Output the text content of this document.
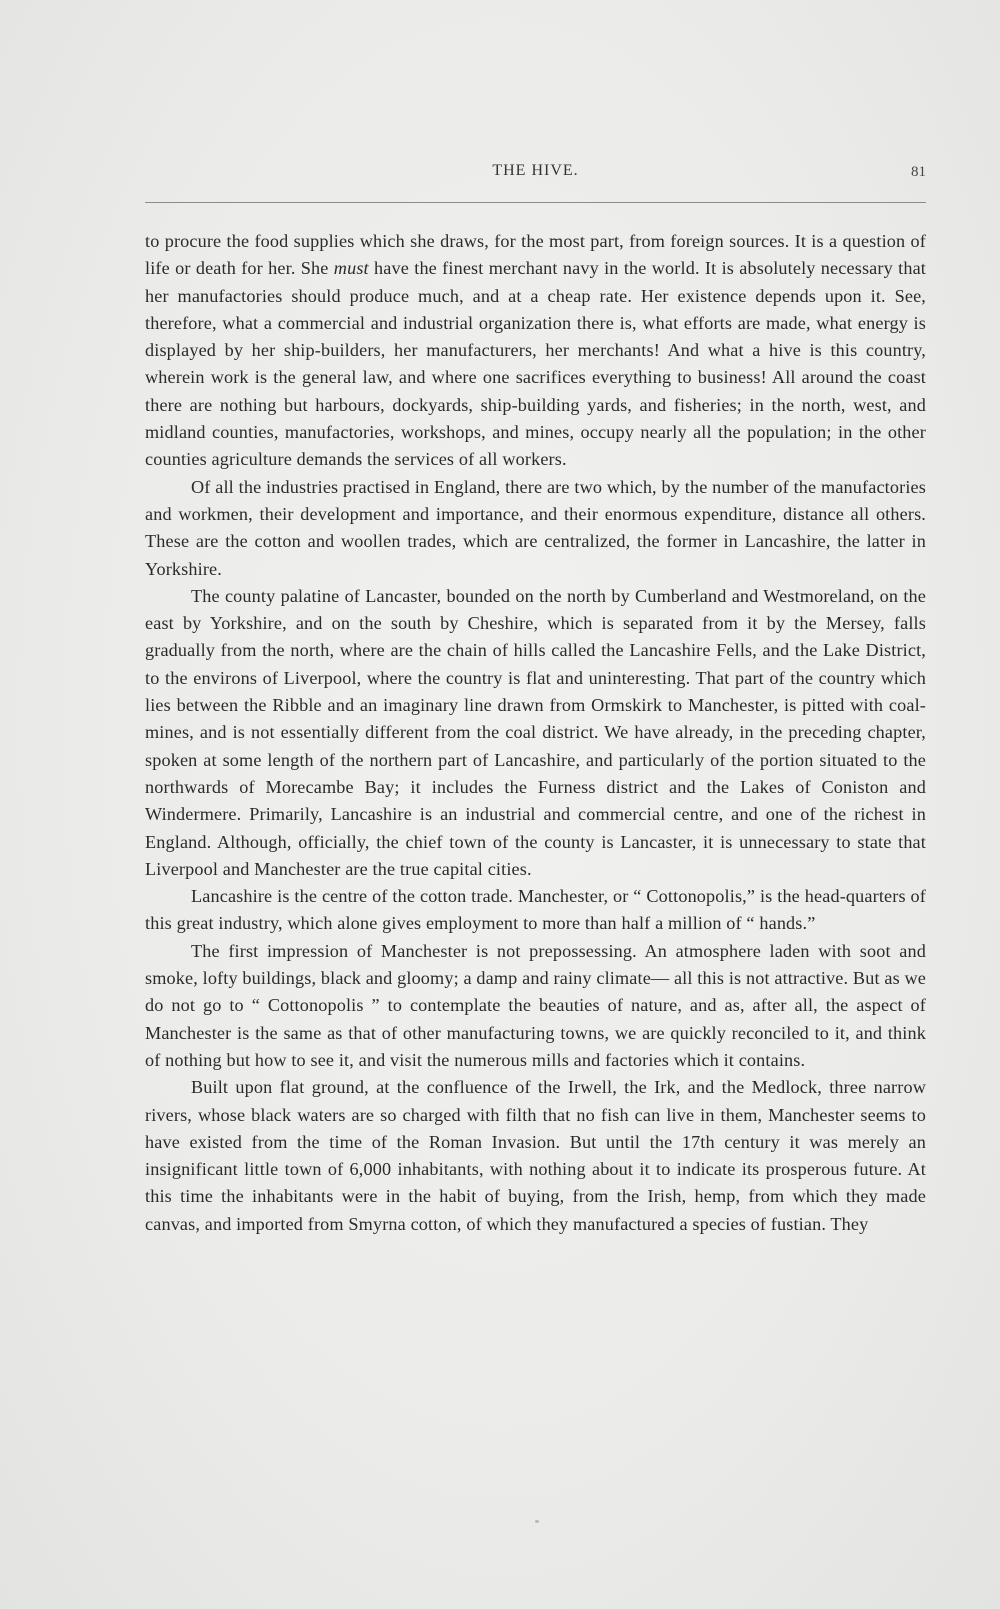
THE HIVE.	81

to procure the food supplies which she draws, for the most part, from foreign sources. It is a question of life or death for her. She must have the finest merchant navy in the world. It is absolutely necessary that her manufactories should produce much, and at a cheap rate. Her existence depends upon it. See, therefore, what a commercial and industrial organization there is, what efforts are made, what energy is displayed by her ship-builders, her manufacturers, her merchants! And what a hive is this country, wherein work is the general law, and where one sacrifices everything to business! All around the coast there are nothing but harbours, dockyards, ship-building yards, and fisheries; in the north, west, and midland counties, manufactories, workshops, and mines, occupy nearly all the population; in the other counties agriculture demands the services of all workers.

Of all the industries practised in England, there are two which, by the number of the manufactories and workmen, their development and importance, and their enormous expenditure, distance all others. These are the cotton and woollen trades, which are centralized, the former in Lancashire, the latter in Yorkshire.

The county palatine of Lancaster, bounded on the north by Cumberland and Westmoreland, on the east by Yorkshire, and on the south by Cheshire, which is separated from it by the Mersey, falls gradually from the north, where are the chain of hills called the Lancashire Fells, and the Lake District, to the environs of Liverpool, where the country is flat and uninteresting. That part of the country which lies between the Ribble and an imaginary line drawn from Ormskirk to Manchester, is pitted with coal-mines, and is not essentially different from the coal district. We have already, in the preceding chapter, spoken at some length of the northern part of Lancashire, and particularly of the portion situated to the northwards of Morecambe Bay; it includes the Furness district and the Lakes of Coniston and Windermere. Primarily, Lancashire is an industrial and commercial centre, and one of the richest in England. Although, officially, the chief town of the county is Lancaster, it is unnecessary to state that Liverpool and Manchester are the true capital cities.

Lancashire is the centre of the cotton trade. Manchester, or “ Cottonopolis,” is the head-quarters of this great industry, which alone gives employment to more than half a million of “ hands.”

The first impression of Manchester is not prepossessing. An atmosphere laden with soot and smoke, lofty buildings, black and gloomy; a damp and rainy climate— all this is not attractive. But as we do not go to “ Cottonopolis ” to contemplate the beauties of nature, and as, after all, the aspect of Manchester is the same as that of other manufacturing towns, we are quickly reconciled to it, and think of nothing but how to see it, and visit the numerous mills and factories which it contains.

Built upon flat ground, at the confluence of the Irwell, the Irk, and the Medlock, three narrow rivers, whose black waters are so charged with filth that no fish can live in them, Manchester seems to have existed from the time of the Roman Invasion. But until the 17th century it was merely an insignificant little town of 6,000 inhabitants, with nothing about it to indicate its prosperous future. At this time the inhabitants were in the habit of buying, from the Irish, hemp, from which they made canvas, and imported from Smyrna cotton, of which they manufactured a species of fustian. They
